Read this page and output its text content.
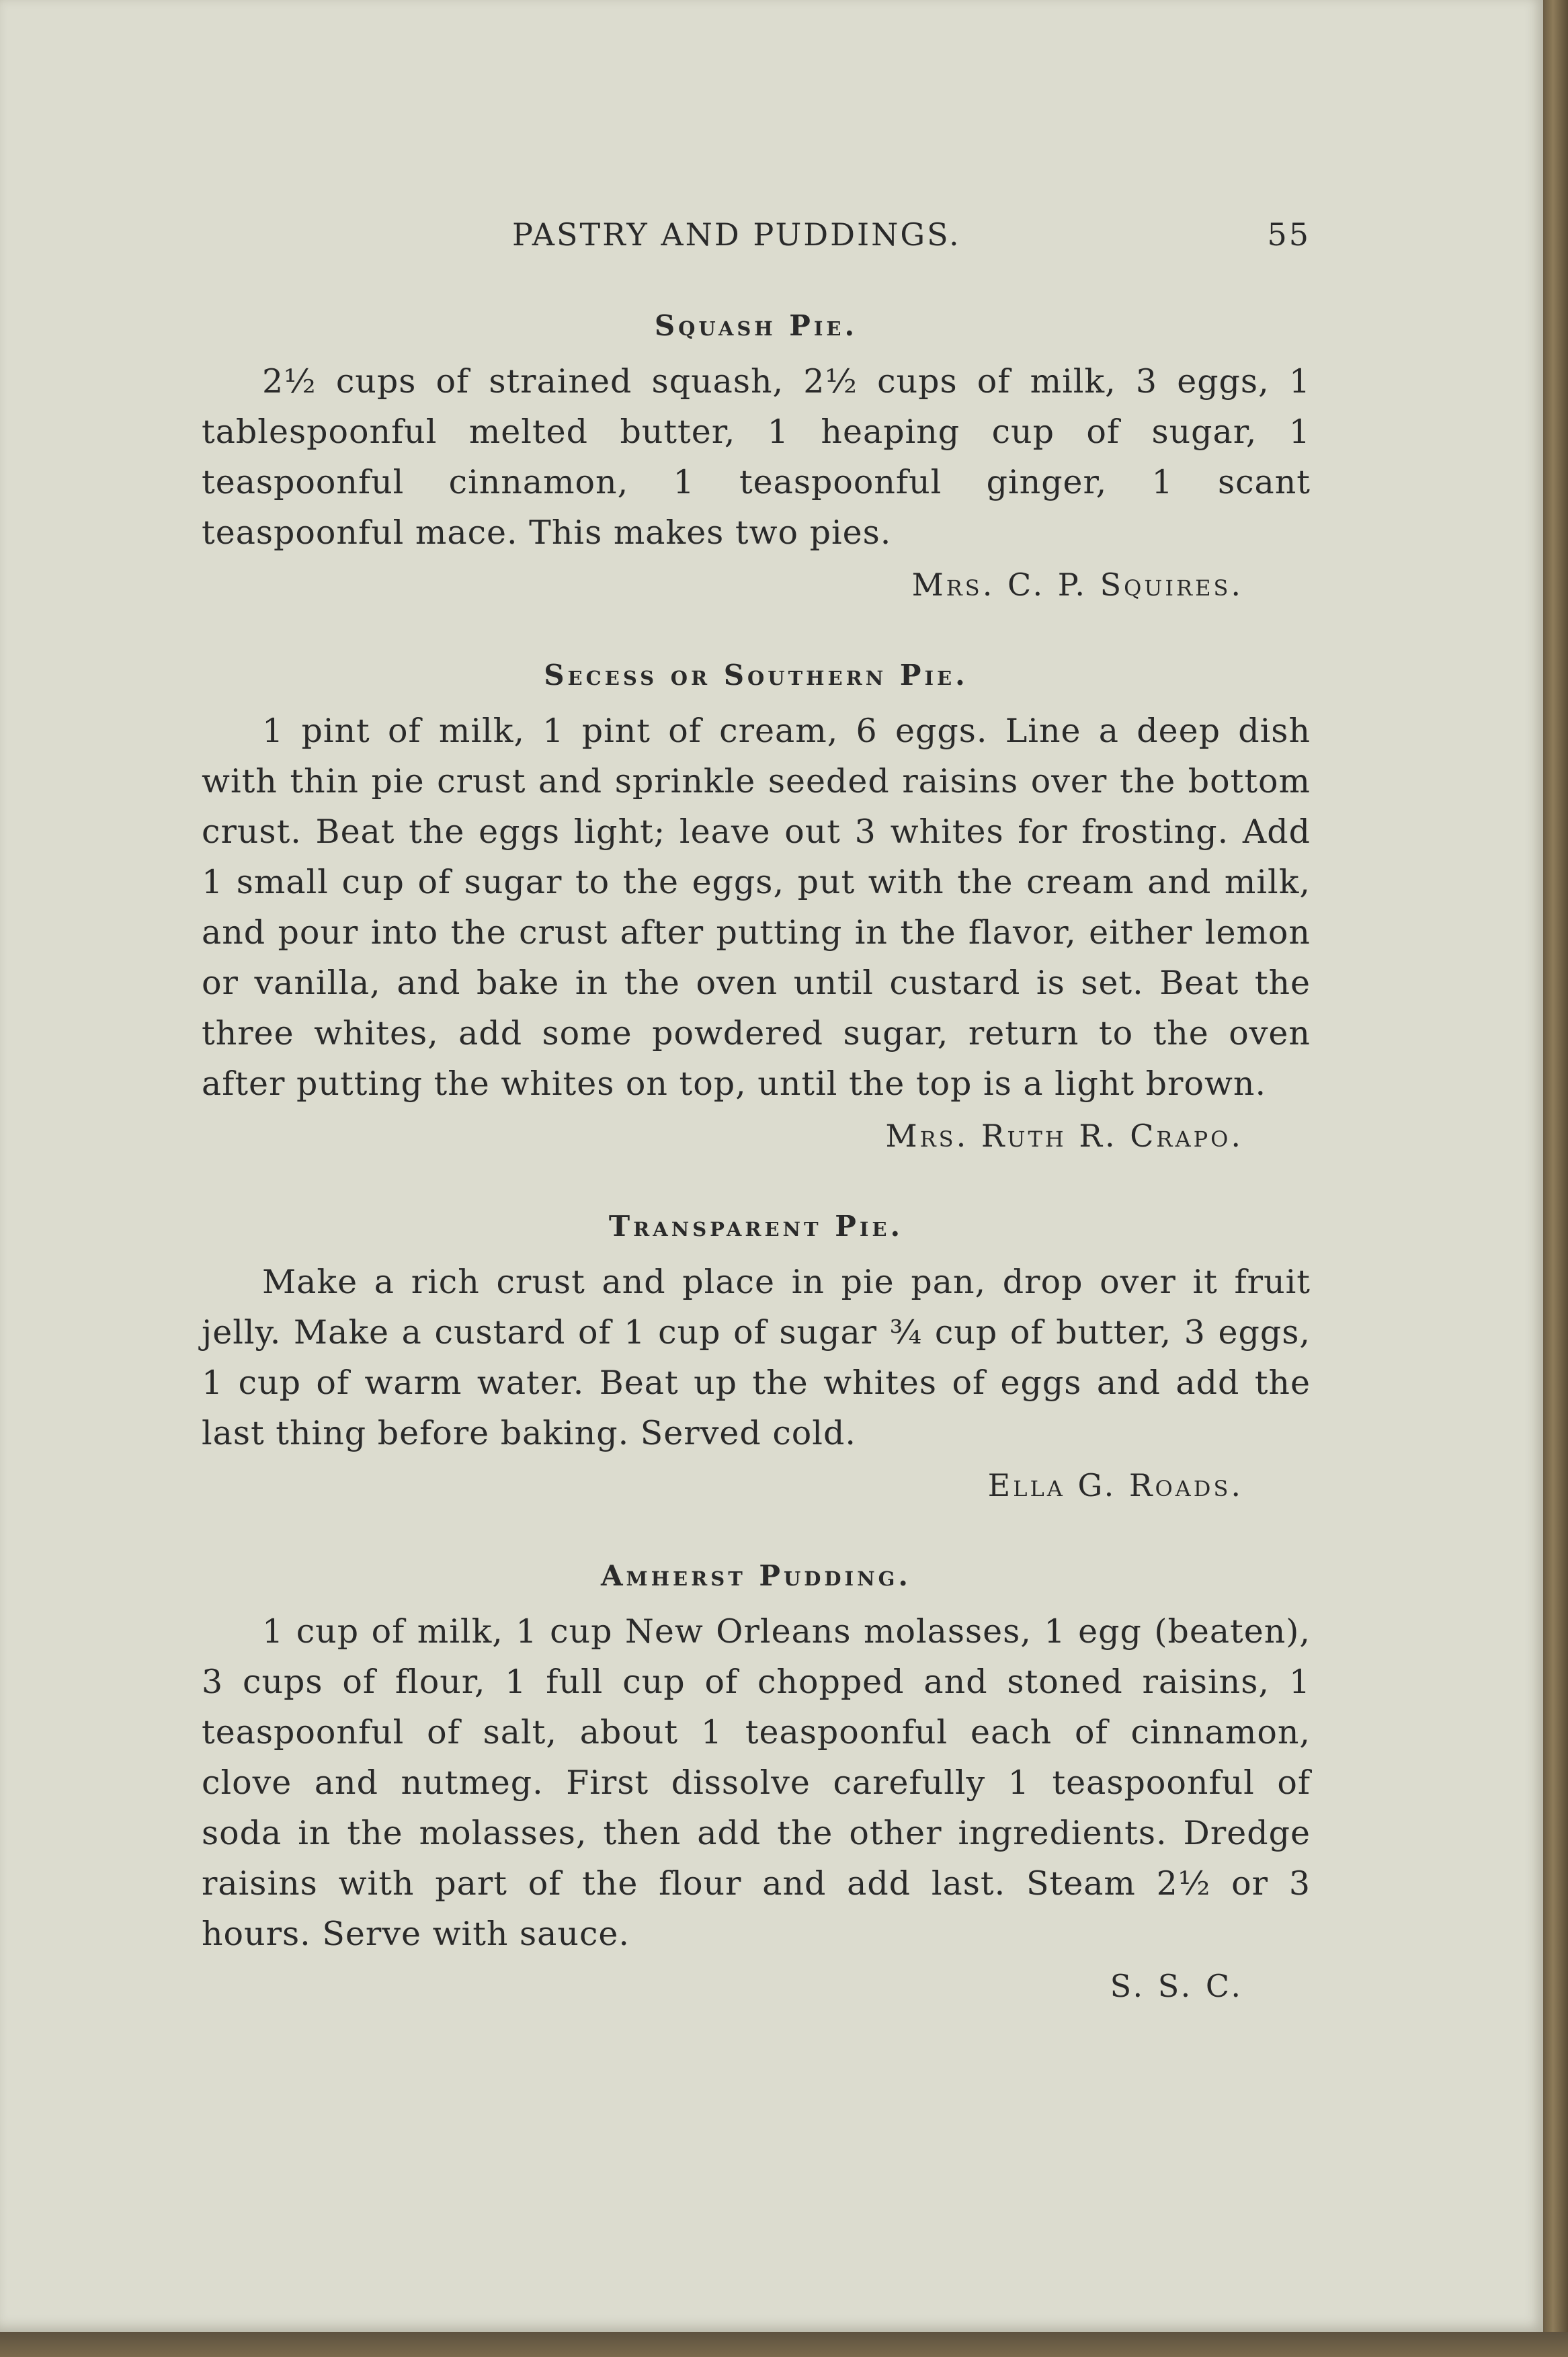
PASTRY AND PUDDINGS.	55
Squash Pie.

2½ cups of strained squash, 2½ cups of milk, 3 eggs, 1 tablespoonful melted butter, 1 heaping cup of sugar, 1 teaspoonful cinnamon, 1 teaspoonful ginger, 1 scant teaspoonful mace. This makes two pies.

Mrs. C. P. Squires.

Secess or Southern Pie.

1 pint of milk, 1 pint of cream, 6 eggs. Line a deep dish with thin pie crust and sprinkle seeded raisins over the bottom crust. Beat the eggs light; leave out 3 whites for frosting. Add 1 small cup of sugar to the eggs, put with the cream and milk, and pour into the crust after putting in the flavor, either lemon or vanilla, and bake in the oven until custard is set. Beat the three whites, add some powdered sugar, return to the oven after putting the whites on top, until the top is a light brown.

Mrs. Ruth R. Crapo.

Transparent Pie.

Make a rich crust and place in pie pan, drop over it fruit jelly. Make a custard of 1 cup of sugar ¾ cup of butter, 3 eggs, 1 cup of warm water. Beat up the whites of eggs and add the last thing before baking. Served cold.

Ella G. Roads.

Amherst Pudding.

1 cup of milk, 1 cup New Orleans molasses, 1 egg (beaten), 3 cups of flour, 1 full cup of chopped and stoned raisins, 1 teaspoonful of salt, about 1 teaspoonful each of cinnamon, clove and nutmeg. First dissolve carefully 1 teaspoonful of soda in the molasses, then add the other ingredients. Dredge raisins with part of the flour and add last. Steam 2½ or 3 hours. Serve with sauce.

S. S. C.
